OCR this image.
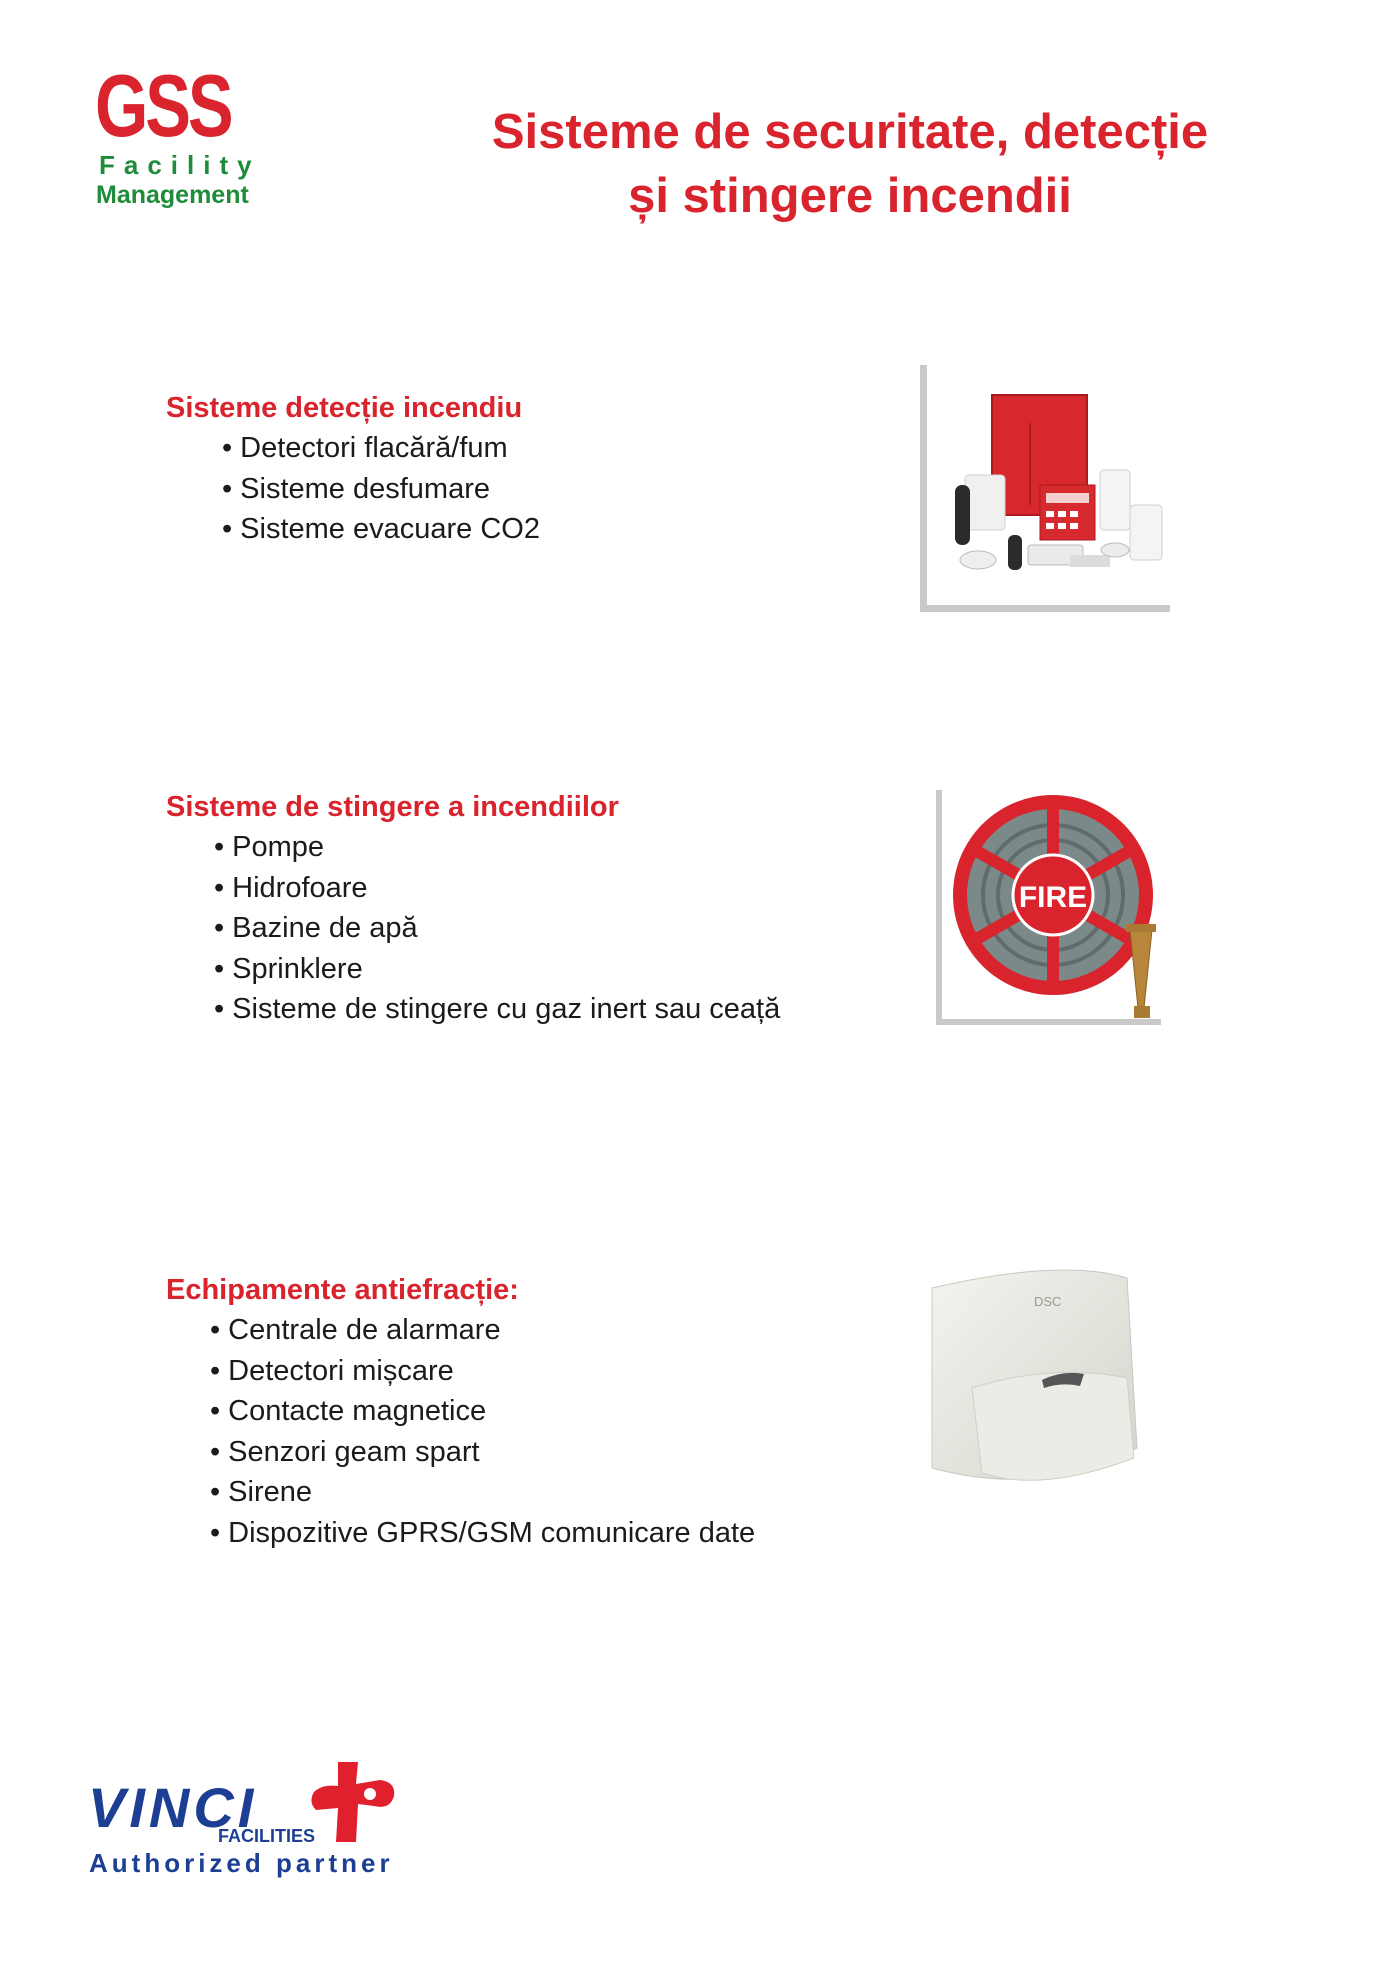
GSS
Facility
Management
Sisteme de securitate, detecție
și stingere incendii
Sisteme detecție incendiu
• Detectori flacără/fum
• Sisteme desfumare
• Sisteme evacuare CO2
Sisteme de stingere a incendiilor
• Pompe
• Hidrofoare
• Bazine de apă
• Sprinklere
• Sisteme de stingere cu gaz inert sau ceață
Echipamente antiefracție:
• Centrale de alarmare
• Detectori mișcare
• Contacte magnetice
• Senzori geam spart
• Sirene
• Dispozitive GPRS/GSM comunicare date
FIRE
DSC
VINCI
FACILITIES
Authorized partner
